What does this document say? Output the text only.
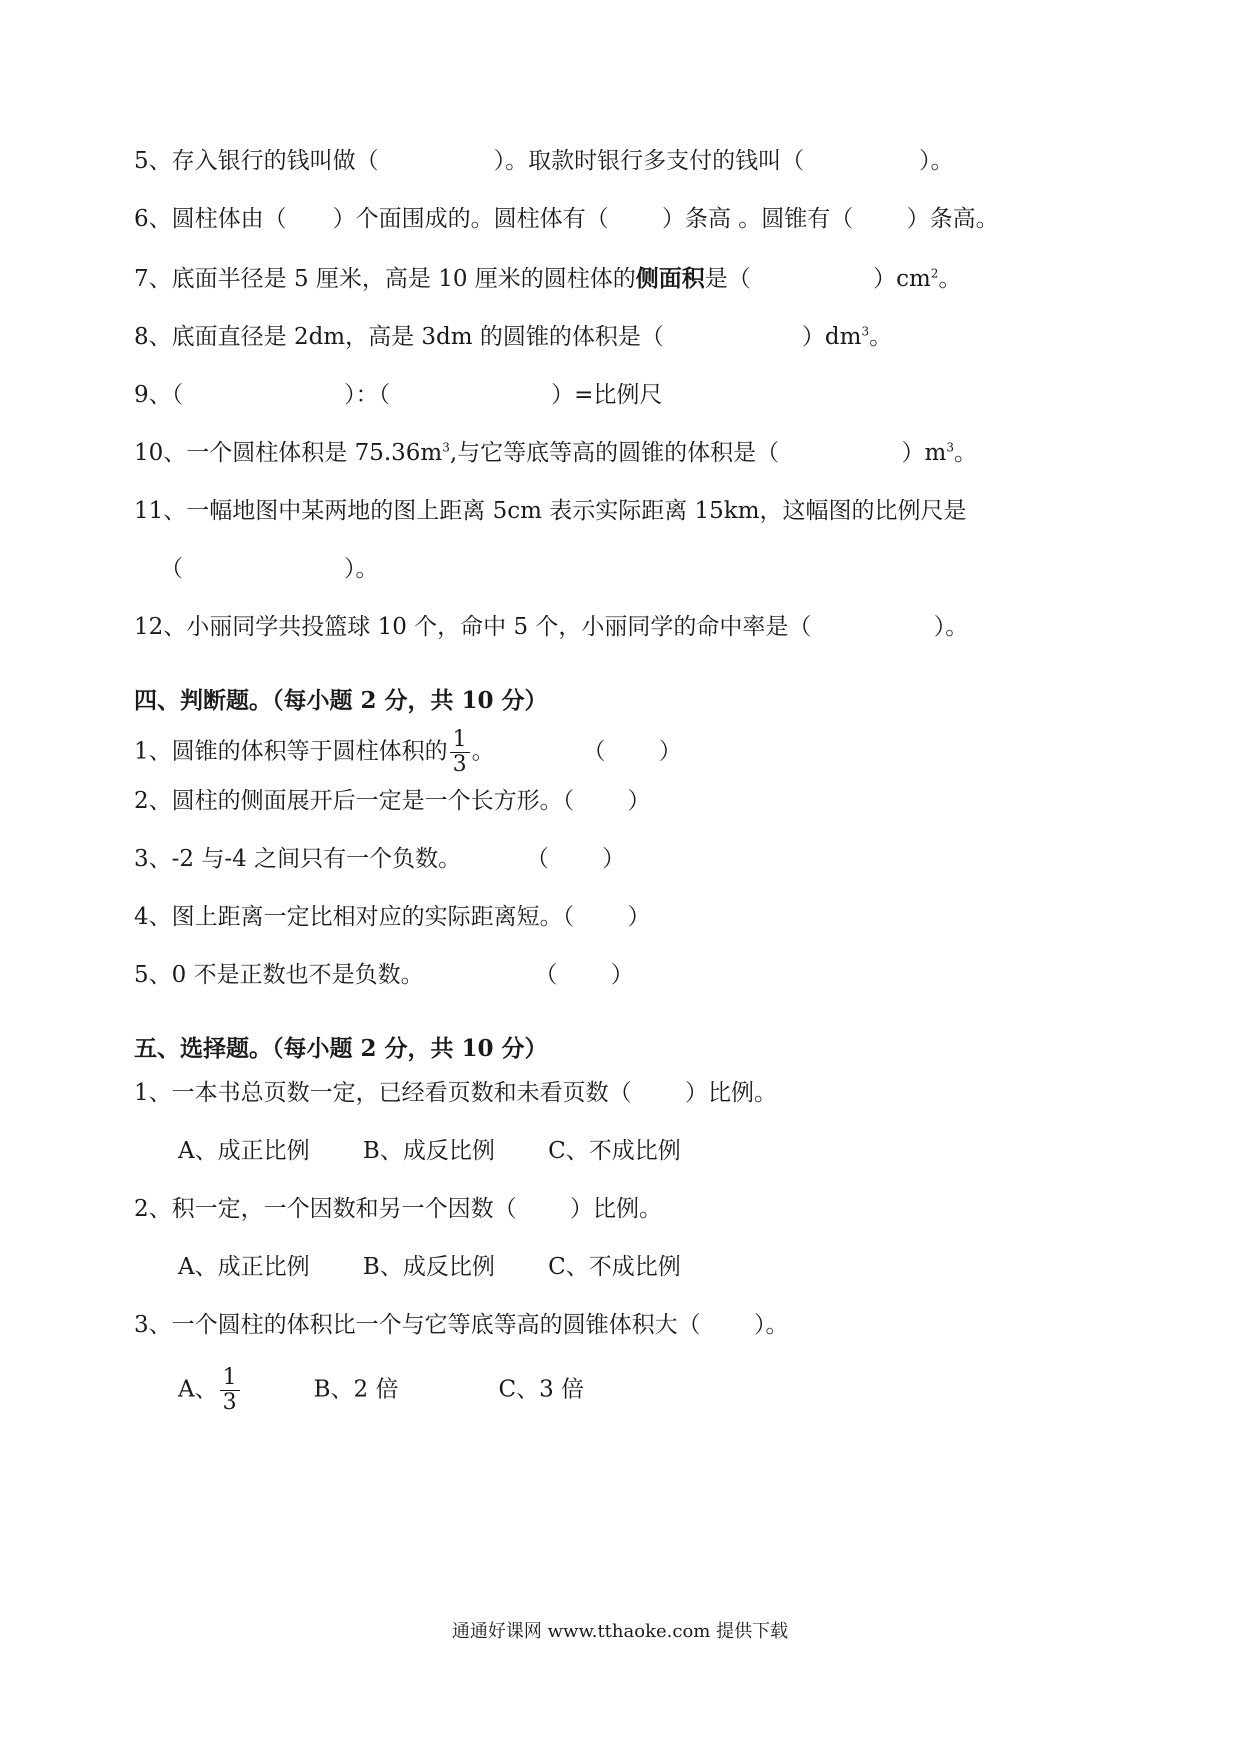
5、存入银行的钱叫做（　　　　　）。取款时银行多支付的钱叫（　　　　　）。
6、圆柱体由（　　）个面围成的。圆柱体有（　　 ）条高 。圆锥有（　　 ）条高。
7、底面半径是 5 厘米，高是 10 厘米的圆柱体的侧面积是（　　　　　 ）$cm^2$。
8、底面直径是 2dm，高是 3dm 的圆锥的体积是（　　　　　　）$dm^3$。
9、（　　　　　　　）：（　　　　　　　）=比例尺
10、一个圆柱体积是 $75.36m^3$,与它等底等高的圆锥的体积是（　　　　　 ）$m^3$。
11、一幅地图中某两地的图上距离 5cm 表示实际距离 15km，这幅图的比例尺是
（　　　　　　　）。
12、小丽同学共投篮球 10 个，命中 5 个，小丽同学的命中率是（　　　　　 ）。
四、判断题。（每小题 2 分，共 10 分）
1、圆锥的体积等于圆柱体积的 $\frac{1}{3}$ 。　　　　 （　　 ）
2、圆柱的侧面展开后一定是一个长方形。（　　 ）
3、-2 与-4 之间只有一个负数。　　　 （　　 ）
4、图上距离一定比相对应的实际距离短。（　　 ）
5、0 不是正数也不是负数。　　　　　 （　　 ）
五、选择题。（每小题 2 分，共 10 分）
1、一本书总页数一定，已经看页数和未看页数（　　 ）比例。
A、成正比例　　 B、成反比例　　 C、不成比例
2、积一定，一个因数和另一个因数（　　 ）比例。
A、成正比例　　 B、成反比例　　 C、不成比例
3、一个圆柱的体积比一个与它等底等高的圆锥体积大（　　 ）。
A、 $\frac{1}{3}$	B、2 倍	C、3 倍
通通好课网 www.tthaoke.com 提供下载
